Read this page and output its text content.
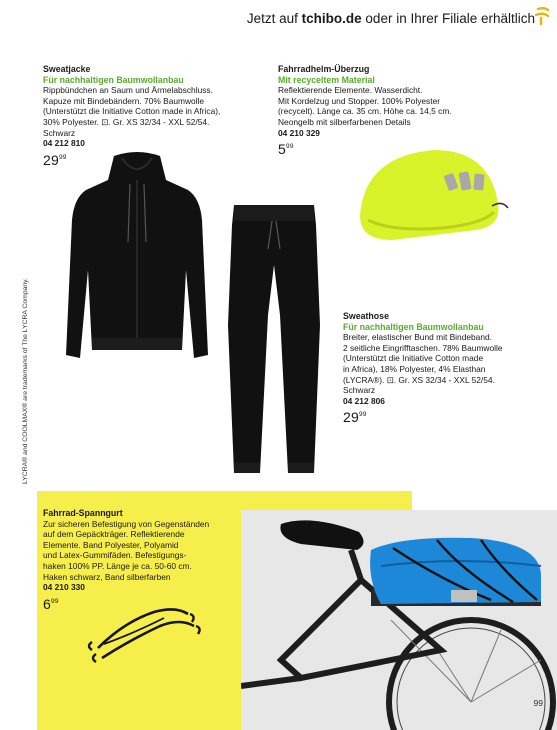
Jetzt auf tchibo.de oder in Ihrer Filiale erhältlich
LYCRA® and COOLMAX® are trademarks of The LYCRA Company.
Sweatjacke
Für nachhaltigen Baumwollanbau
Rippbündchen an Saum und Ärmelabschluss.
Kapuze mit Bindebändern. 70% Baumwolle
(Unterstützt die Initiative Cotton made in Africa),
30% Polyester. ⊡. Gr. XS 32/34 - XXL 52/54.
Schwarz
04 212 810
$29^{99}$
Fahrradhelm-Überzug
Mit recyceltem Material
Reflektierende Elemente. Wasserdicht.
Mit Kordelzug und Stopper. 100% Polyester
(recycelt). Länge ca. 35 cm. Höhe ca. 14,5 cm.
Neongelb mit silberfarbenen Details
04 210 329
$5^{99}$
Sweathose
Für nachhaltigen Baumwollanbau
Breiter, elastischer Bund mit Bindeband.
2 seitliche Eingrifftaschen. 78% Baumwolle
(Unterstützt die Initiative Cotton made
in Africa), 18% Polyester, 4% Elasthan
(LYCRA®). ⊡. Gr. XS 32/34 - XXL 52/54.
Schwarz
04 212 806
$29^{99}$
Fahrrad-Spanngurt
Zur sicheren Befestigung von Gegenständen
auf dem Gepäckträger. Reflektierende
Elemente. Band Polyester, Polyamid
und Latex-Gummifäden. Befestigungs-
haken 100% PP. Länge je ca. 50-60 cm.
Haken schwarz, Band silberfarben
04 210 330
$6^{99}$
99
